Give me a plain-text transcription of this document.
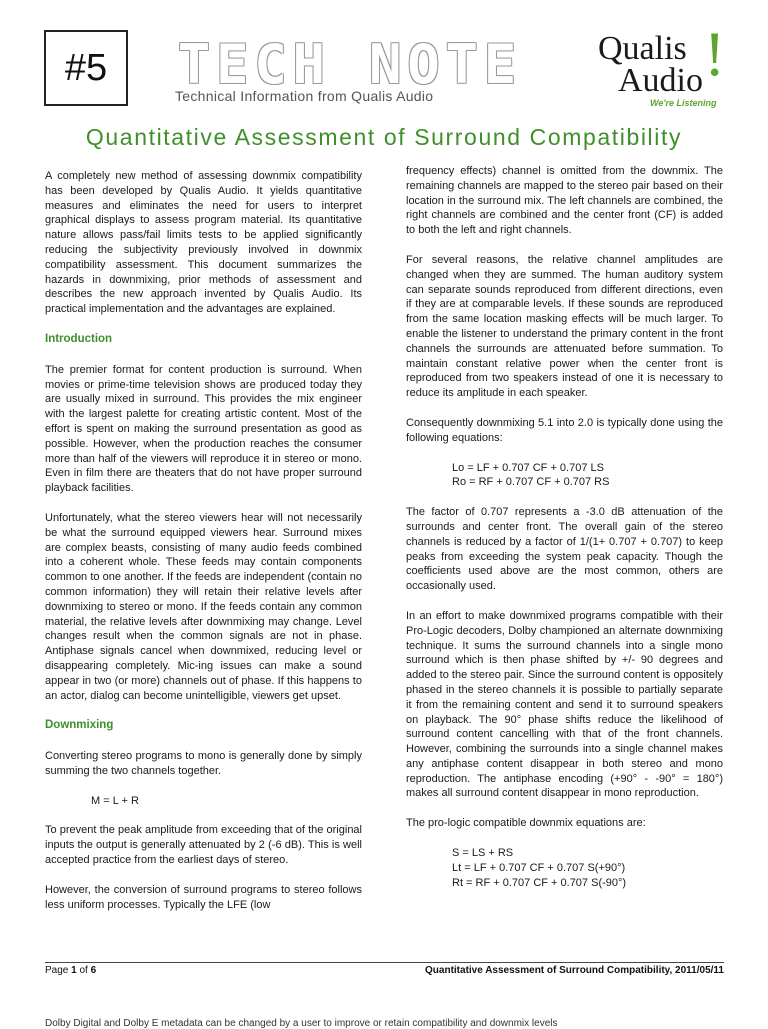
#5 T E C H N O T E
Technical Information from Qualis Audio
Qualis
Audio !
We're Listening
Quantitative Assessment of Surround Compatibility

A completely new method of assessing downmix compatibility has been developed by Qualis Audio. It yields quantitative measures and eliminates the need for users to interpret graphical displays to assess program material. Its quantitative nature allows pass/fail limits tests to be applied significantly reducing the subjectivity previously involved in downmix compatibility assessment. This document summarizes the hazards in downmixing, prior methods of assessment and describes the new approach invented by Qualis Audio. Its practical implementation and the advantages are explained.

Introduction

The premier format for content production is surround. When movies or prime-time television shows are produced today they are usually mixed in surround. This provides the mix engineer with the largest palette for creating artistic content. Most of the effort is spent on making the surround presentation as good as possible. However, when the production reaches the consumer more than half of the viewers will reproduce it in stereo or mono. Even in film there are theaters that do not have proper surround playback facilities.

Unfortunately, what the stereo viewers hear will not necessarily be what the surround equipped viewers hear. Surround mixes are complex beasts, consisting of many audio feeds combined into a coherent whole. These feeds may contain components common to one another. If the feeds are independent (contain no common information) they will retain their relative levels after downmixing to stereo or mono. If the feeds contain any common material, the relative levels after downmixing may change. Level changes result when the common signals are not in phase. Antiphase signals cancel when downmixed, reducing level or disappearing completely. Mic-ing issues can make a sound appear in two (or more) channels out of phase. If this happens to an actor, dialog can become unintelligible, viewers get upset.

Downmixing

Converting stereo programs to mono is generally done by simply summing the two channels together.

M = L + R

To prevent the peak amplitude from exceeding that of the original inputs the output is generally attenuated by 2 (-6 dB). This is well accepted practice from the earliest days of stereo.

However, the conversion of surround programs to stereo follows less uniform processes. Typically the LFE (low

frequency effects) channel is omitted from the downmix. The remaining channels are mapped to the stereo pair based on their location in the surround mix. The left channels are combined, the right channels are combined and the center front (CF) is added to both the left and right channels.

For several reasons, the relative channel amplitudes are changed when they are summed. The human auditory system can separate sounds reproduced from different directions, even if they are at comparable levels. If these sounds are reproduced from the same location masking effects will be much larger. To enable the listener to understand the primary content in the front channels the surrounds are attenuated before summation. To maintain constant relative power when the center front is reproduced from two speakers instead of one it is necessary to reduce its amplitude in each speaker.

Consequently downmixing 5.1 into 2.0 is typically done using the following equations:

Lo = LF + 0.707 CF + 0.707 LS
Ro = RF + 0.707 CF + 0.707 RS

The factor of 0.707 represents a -3.0 dB attenuation of the surrounds and center front. The overall gain of the stereo channels is reduced by a factor of 1/(1+ 0.707 + 0.707) to keep peaks from exceeding the system peak capacity. Though the coefficients used above are the most common, others are occasionally used.

In an effort to make downmixed programs compatible with their Pro-Logic decoders, Dolby championed an alternate downmixing technique. It sums the surround channels into a single mono surround which is then phase shifted by +/- 90 degrees and added to the stereo pair. Since the surround content is oppositely phased in the stereo channels it is possible to partially separate it from the remaining content and send it to surround speakers on playback. The 90° phase shifts reduce the likelihood of surround content cancelling with that of the front channels. However, combining the surrounds into a single channel makes any antiphase content disappear in both stereo and mono reproduction. The antiphase encoding (+90° - -90° = 180°) makes all surround content disappear in mono reproduction.

The pro-logic compatible downmix equations are:

S = LS + RS
Lt = LF + 0.707 CF + 0.707 S(+90°)
Rt = RF + 0.707 CF + 0.707 S(-90°)
Page 1 of 6	Quantitative Assessment of Surround Compatibility, 2011/05/11
Dolby Digital and Dolby E metadata can be changed by a user to improve or retain compatibility and downmix levels
